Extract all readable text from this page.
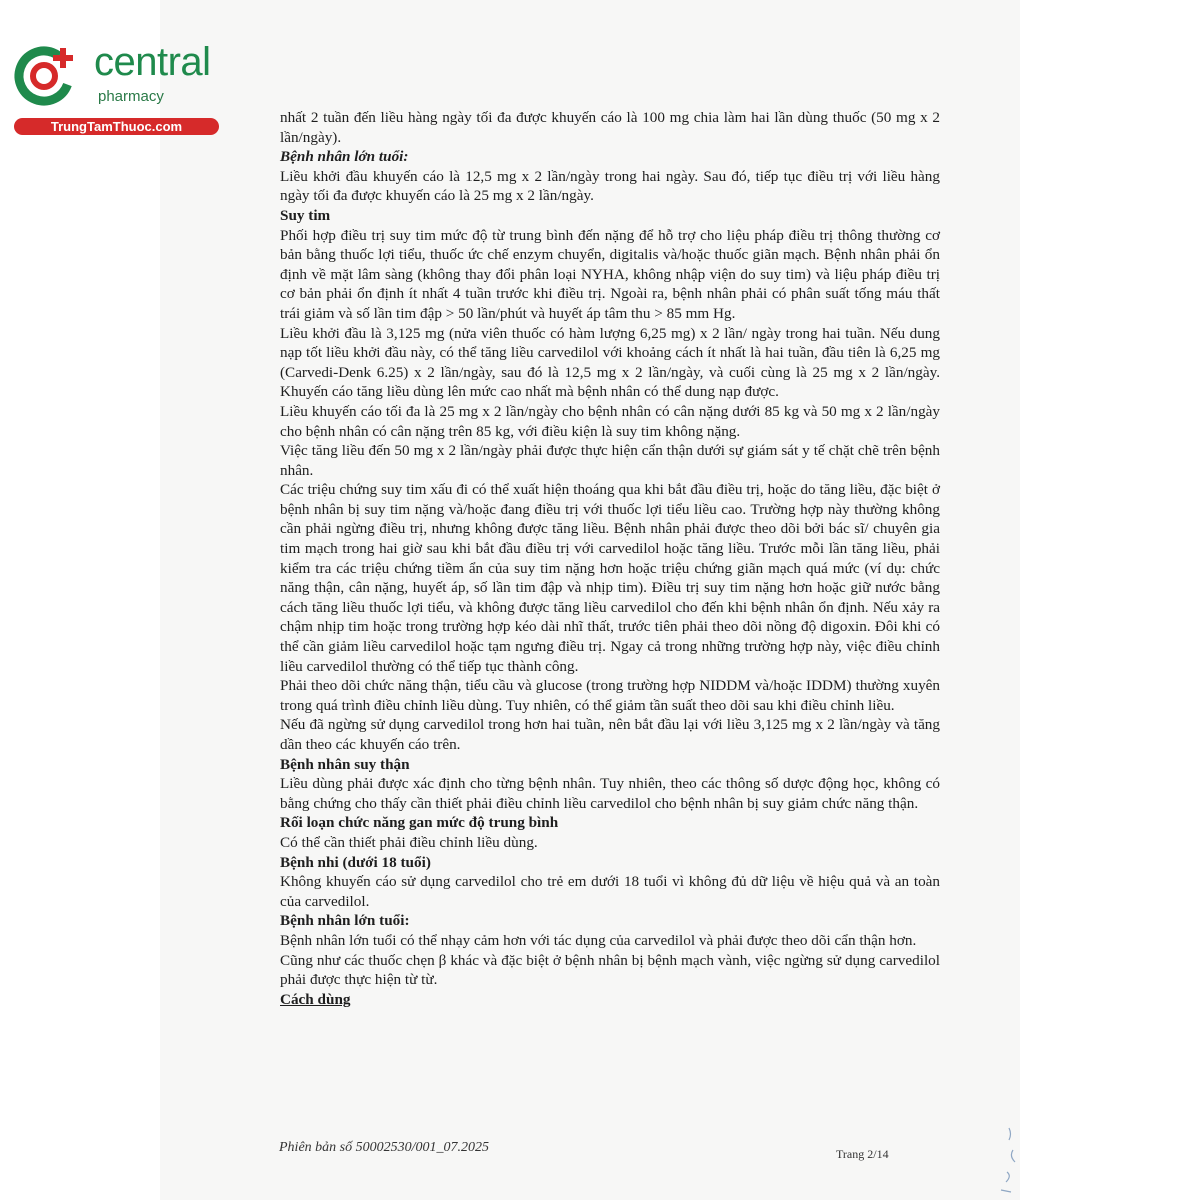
central
pharmacy
TrungTamThuoc.com

nhất 2 tuần đến liều hàng ngày tối đa được khuyến cáo là 100 mg chia làm hai lần dùng thuốc (50 mg x 2 lần/ngày).

Bệnh nhân lớn tuổi:

Liều khởi đầu khuyến cáo là 12,5 mg x 2 lần/ngày trong hai ngày. Sau đó, tiếp tục điều trị với liều hàng ngày tối đa được khuyến cáo là 25 mg x 2 lần/ngày.

Suy tim

Phối hợp điều trị suy tim mức độ từ trung bình đến nặng để hỗ trợ cho liệu pháp điều trị thông thường cơ bản bằng thuốc lợi tiểu, thuốc ức chế enzym chuyển, digitalis và/hoặc thuốc giãn mạch. Bệnh nhân phải ổn định về mặt lâm sàng (không thay đổi phân loại NYHA, không nhập viện do suy tim) và liệu pháp điều trị cơ bản phải ổn định ít nhất 4 tuần trước khi điều trị. Ngoài ra, bệnh nhân phải có phân suất tống máu thất trái giảm và số lần tim đập > 50 lần/phút và huyết áp tâm thu > 85 mm Hg.

Liều khởi đầu là 3,125 mg (nửa viên thuốc có hàm lượng 6,25 mg) x 2 lần/ ngày trong hai tuần. Nếu dung nạp tốt liều khởi đầu này, có thể tăng liều carvedilol với khoảng cách ít nhất là hai tuần, đầu tiên là 6,25 mg (Carvedi-Denk 6.25) x 2 lần/ngày, sau đó là 12,5 mg x 2 lần/ngày, và cuối cùng là 25 mg x 2 lần/ngày. Khuyến cáo tăng liều dùng lên mức cao nhất mà bệnh nhân có thể dung nạp được.

Liều khuyến cáo tối đa là 25 mg x 2 lần/ngày cho bệnh nhân có cân nặng dưới 85 kg và 50 mg x 2 lần/ngày cho bệnh nhân có cân nặng trên 85 kg, với điều kiện là suy tim không nặng.

Việc tăng liều đến 50 mg x 2 lần/ngày phải được thực hiện cẩn thận dưới sự giám sát y tế chặt chẽ trên bệnh nhân.

Các triệu chứng suy tim xấu đi có thể xuất hiện thoáng qua khi bắt đầu điều trị, hoặc do tăng liều, đặc biệt ở bệnh nhân bị suy tim nặng và/hoặc đang điều trị với thuốc lợi tiểu liều cao. Trường hợp này thường không cần phải ngừng điều trị, nhưng không được tăng liều. Bệnh nhân phải được theo dõi bởi bác sĩ/ chuyên gia tim mạch trong hai giờ sau khi bắt đầu điều trị với carvedilol hoặc tăng liều. Trước mỗi lần tăng liều, phải kiểm tra các triệu chứng tiềm ẩn của suy tim nặng hơn hoặc triệu chứng giãn mạch quá mức (ví dụ: chức năng thận, cân nặng, huyết áp, số lần tim đập và nhịp tim). Điều trị suy tim nặng hơn hoặc giữ nước bằng cách tăng liều thuốc lợi tiểu, và không được tăng liều carvedilol cho đến khi bệnh nhân ổn định. Nếu xảy ra chậm nhịp tim hoặc trong trường hợp kéo dài nhĩ thất, trước tiên phải theo dõi nồng độ digoxin. Đôi khi có thể cần giảm liều carvedilol hoặc tạm ngưng điều trị. Ngay cả trong những trường hợp này, việc điều chỉnh liều carvedilol thường có thể tiếp tục thành công.

Phải theo dõi chức năng thận, tiểu cầu và glucose (trong trường hợp NIDDM và/hoặc IDDM) thường xuyên trong quá trình điều chỉnh liều dùng. Tuy nhiên, có thể giảm tần suất theo dõi sau khi điều chỉnh liều.

Nếu đã ngừng sử dụng carvedilol trong hơn hai tuần, nên bắt đầu lại với liều 3,125 mg x 2 lần/ngày và tăng dần theo các khuyến cáo trên.

Bệnh nhân suy thận

Liều dùng phải được xác định cho từng bệnh nhân. Tuy nhiên, theo các thông số dược động học, không có bằng chứng cho thấy cần thiết phải điều chỉnh liều carvedilol cho bệnh nhân bị suy giảm chức năng thận.

Rối loạn chức năng gan mức độ trung bình

Có thể cần thiết phải điều chỉnh liều dùng.

Bệnh nhi (dưới 18 tuổi)

Không khuyến cáo sử dụng carvedilol cho trẻ em dưới 18 tuổi vì không đủ dữ liệu về hiệu quả và an toàn của carvedilol.

Bệnh nhân lớn tuổi:

Bệnh nhân lớn tuổi có thể nhạy cảm hơn với tác dụng của carvedilol và phải được theo dõi cẩn thận hơn.

Cũng như các thuốc chẹn β khác và đặc biệt ở bệnh nhân bị bệnh mạch vành, việc ngừng sử dụng carvedilol phải được thực hiện từ từ.

Cách dùng

Phiên bản số 50002530/001_07.2025	Trang 2/14
